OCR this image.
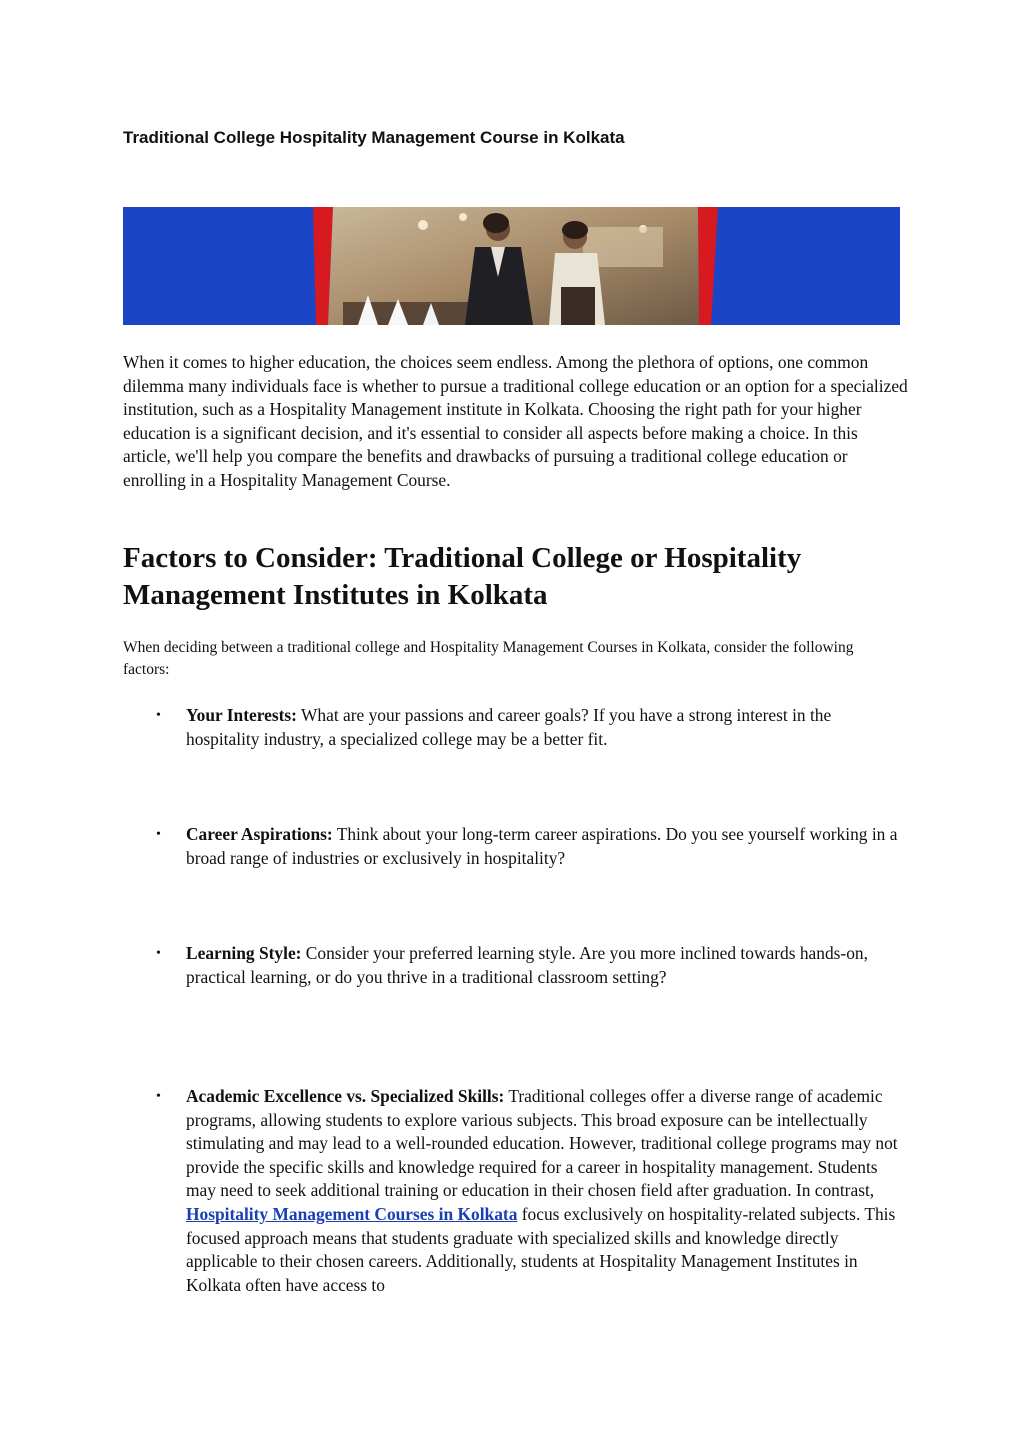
Traditional College Hospitality Management Course in Kolkata

When it comes to higher education, the choices seem endless. Among the plethora of options, one common dilemma many individuals face is whether to pursue a traditional college education or an option for a specialized institution, such as a Hospitality Management institute in Kolkata. Choosing the right path for your higher education is a significant decision, and it's essential to consider all aspects before making a choice. In this article, we'll help you compare the benefits and drawbacks of pursuing a traditional college education or enrolling in a Hospitality Management Course.

Factors to Consider: Traditional College or Hospitality Management Institutes in Kolkata

When deciding between a traditional college and Hospitality Management Courses in Kolkata, consider the following factors:

• Your Interests: What are your passions and career goals? If you have a strong interest in the hospitality industry, a specialized college may be a better fit.

• Career Aspirations: Think about your long-term career aspirations. Do you see yourself working in a broad range of industries or exclusively in hospitality?

• Learning Style: Consider your preferred learning style. Are you more inclined towards hands-on, practical learning, or do you thrive in a traditional classroom setting?

• Academic Excellence vs. Specialized Skills: Traditional colleges offer a diverse range of academic programs, allowing students to explore various subjects. This broad exposure can be intellectually stimulating and may lead to a well-rounded education. However, traditional college programs may not provide the specific skills and knowledge required for a career in hospitality management. Students may need to seek additional training or education in their chosen field after graduation. In contrast, Hospitality Management Courses in Kolkata focus exclusively on hospitality-related subjects. This focused approach means that students graduate with specialized skills and knowledge directly applicable to their chosen careers. Additionally, students at Hospitality Management Institutes in Kolkata often have access to
